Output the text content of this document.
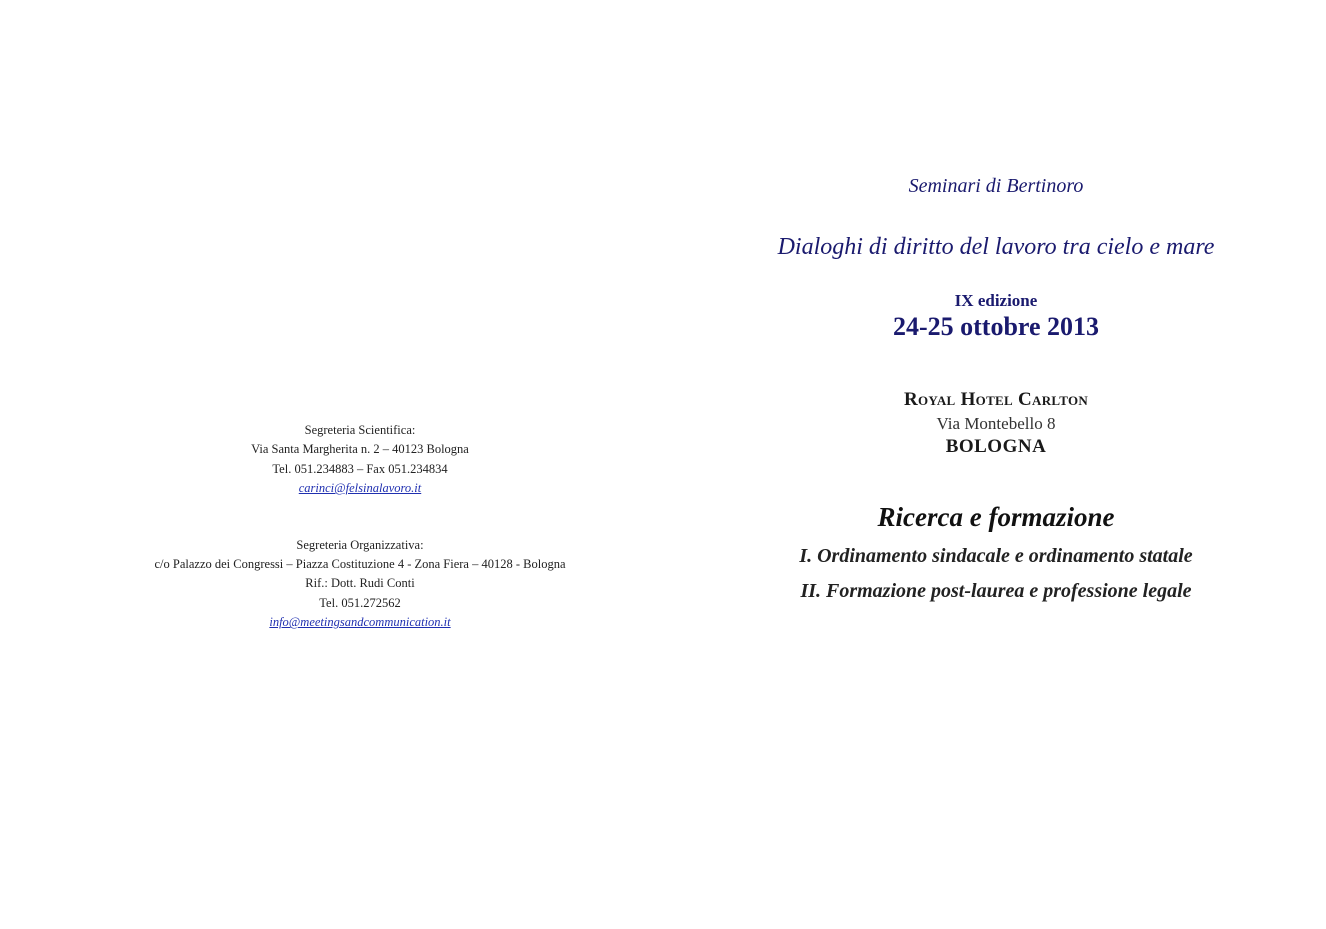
Segreteria Scientifica:
Via Santa Margherita n. 2 – 40123 Bologna
Tel. 051.234883 – Fax 051.234834
carinci@felsinalavoro.it
Segreteria Organizzativa:
c/o Palazzo dei Congressi – Piazza Costituzione 4 - Zona Fiera – 40128 - Bologna
Rif.: Dott. Rudi Conti
Tel. 051.272562
info@meetingsandcommunication.it
Seminari di Bertinoro
Dialoghi di diritto del lavoro tra cielo e mare
IX edizione
24-25 ottobre 2013
Royal Hotel Carlton
Via Montebello 8
BOLOGNA
Ricerca e formazione
I. Ordinamento sindacale e ordinamento statale
II. Formazione post-laurea e professione legale
